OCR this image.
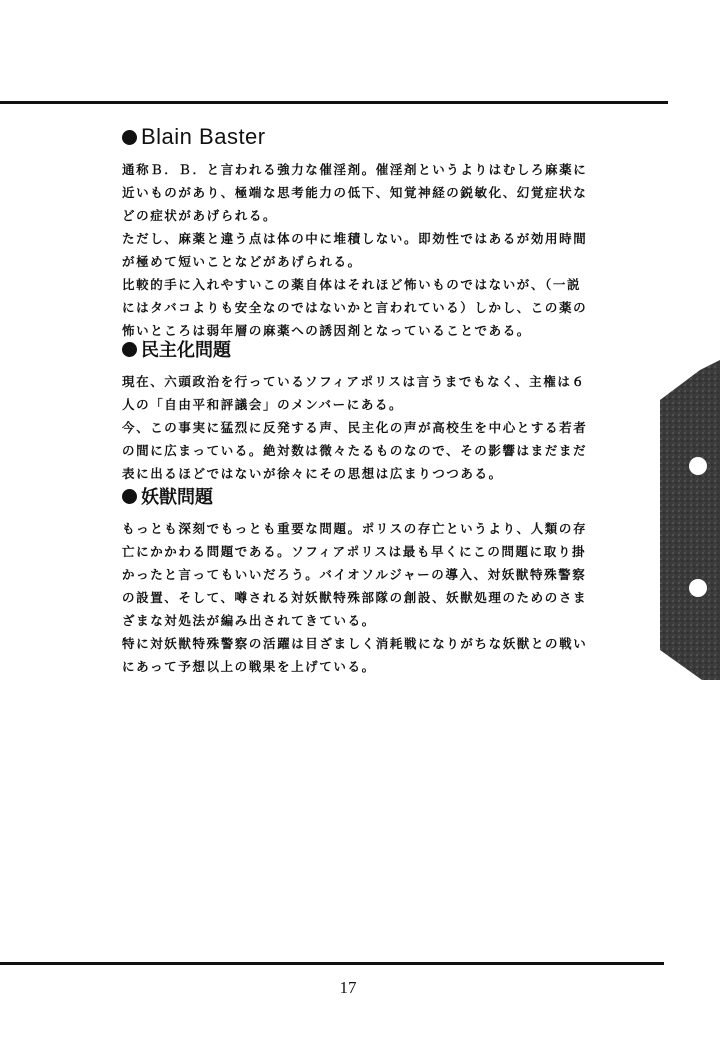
Blain Baster

通称Ｂ．Ｂ．と言われる強力な催淫剤。催淫剤というよりはむしろ麻薬に近いものがあり、極端な思考能力の低下、知覚神経の鋭敏化、幻覚症状などの症状があげられる。

ただし、麻薬と違う点は体の中に堆積しない。即効性ではあるが効用時間が極めて短いことなどがあげられる。

比較的手に入れやすいこの薬自体はそれほど怖いものではないが、（一説にはタバコよりも安全なのではないかと言われている）しかし、この薬の怖いところは弱年層の麻薬への誘因剤となっていることである。

民主化問題

現在、六頭政治を行っているソフィアポリスは言うまでもなく、主権は６人の「自由平和評議会」のメンバーにある。

今、この事実に猛烈に反発する声、民主化の声が高校生を中心とする若者の間に広まっている。絶対数は微々たるものなので、その影響はまだまだ表に出るほどではないが徐々にその思想は広まりつつある。

妖獣問題

もっとも深刻でもっとも重要な問題。ポリスの存亡というより、人類の存亡にかかわる問題である。ソフィアポリスは最も早くにこの問題に取り掛かったと言ってもいいだろう。バイオソルジャーの導入、対妖獣特殊警察の設置、そして、噂される対妖獣特殊部隊の創設、妖獣処理のためのさまざまな対処法が編み出されてきている。

特に対妖獣特殊警察の活躍は目ざましく消耗戦になりがちな妖獣との戦いにあって予想以上の戦果を上げている。

17
